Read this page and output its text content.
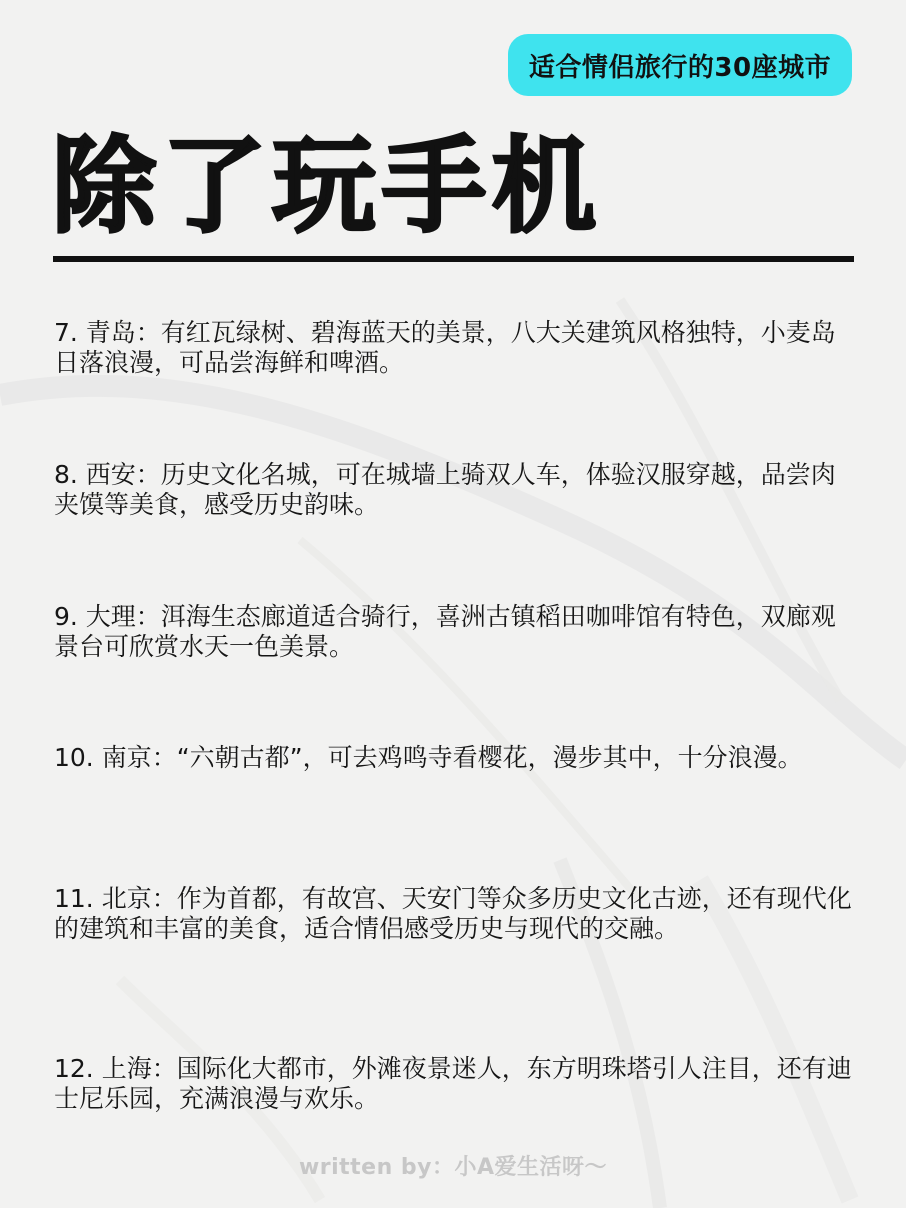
适合情侣旅行的30座城市
除了玩手机

7. 青岛：有红瓦绿树、碧海蓝天的美景，八大关建筑风格独特，小麦岛日落浪漫，可品尝海鲜和啤酒。

8. 西安：历史文化名城，可在城墙上骑双人车，体验汉服穿越，品尝肉夹馍等美食，感受历史韵味。

9. 大理：洱海生态廊道适合骑行，喜洲古镇稻田咖啡馆有特色，双廊观景台可欣赏水天一色美景。

10. 南京：“六朝古都”，可去鸡鸣寺看樱花，漫步其中，十分浪漫。

11. 北京：作为首都，有故宫、天安门等众多历史文化古迹，还有现代化的建筑和丰富的美食，适合情侣感受历史与现代的交融。

12. 上海：国际化大都市，外滩夜景迷人，东方明珠塔引人注目，还有迪士尼乐园，充满浪漫与欢乐。

written by：小A爱生活呀～
